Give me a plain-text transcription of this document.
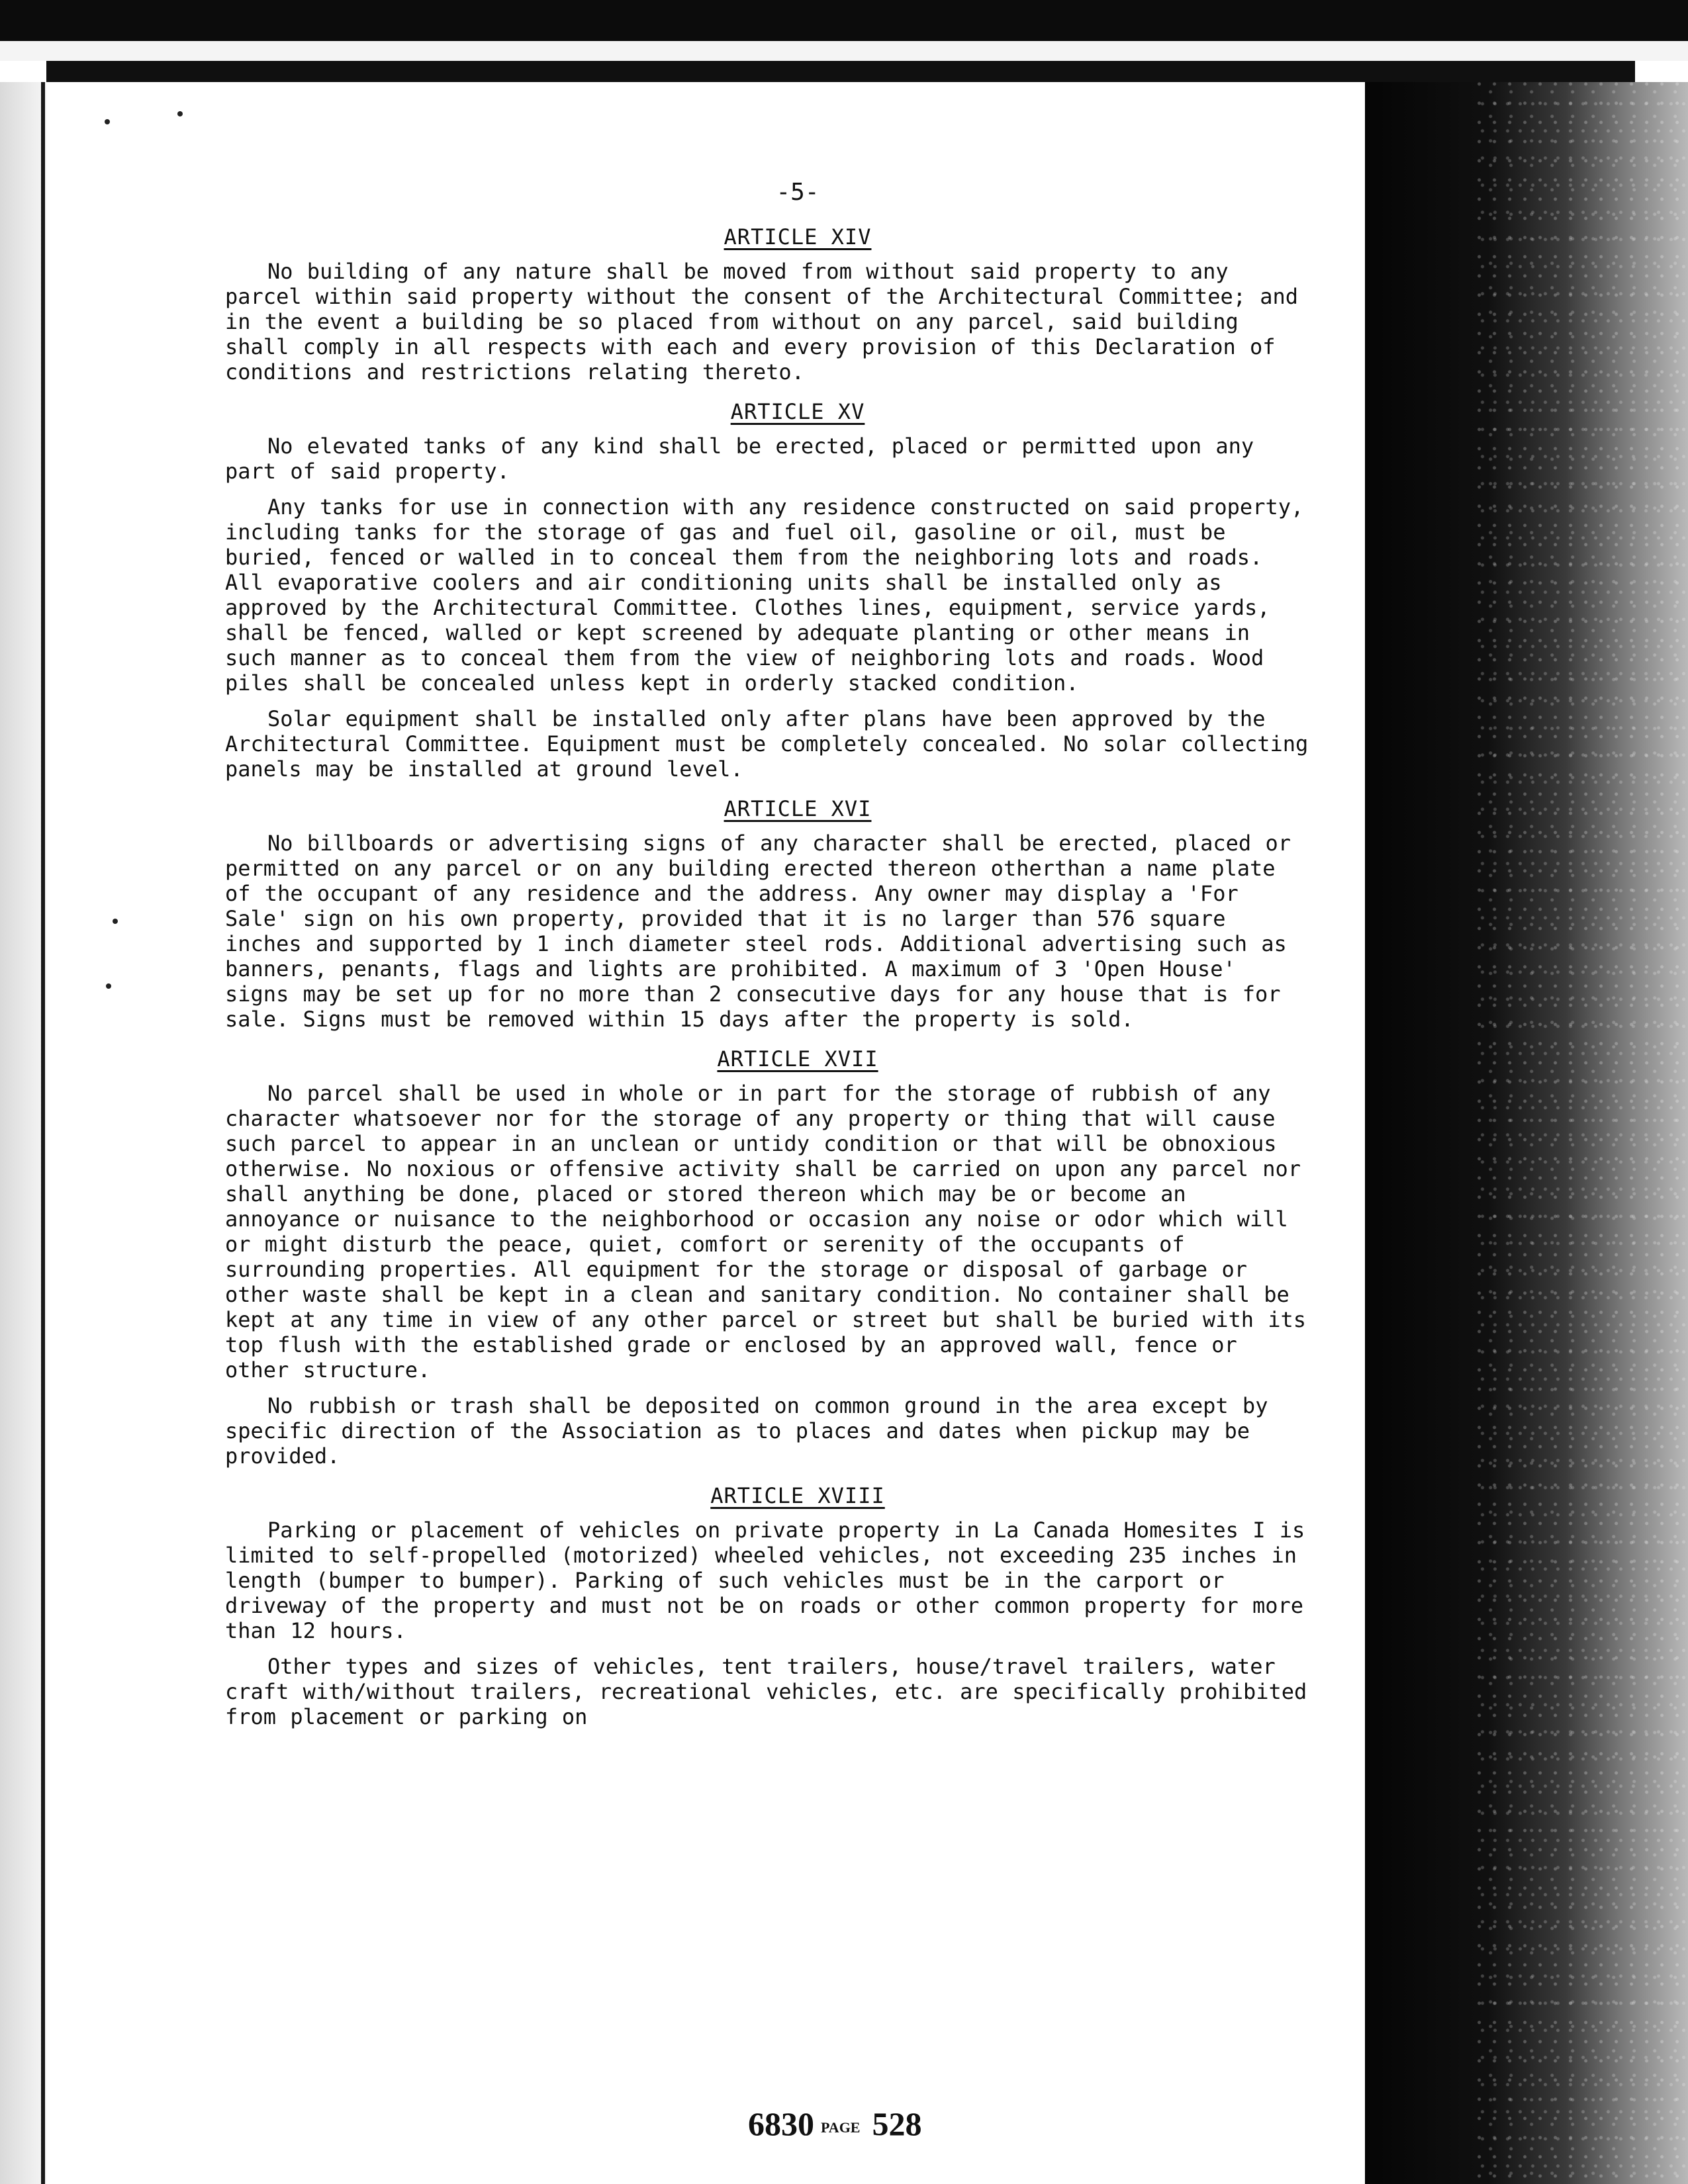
-5-
ARTICLE XIV

No building of any nature shall be moved from without said property to any parcel within said property without the consent of the Architectural Committee; and in the event a building be so placed from without on any parcel, said building shall comply in all respects with each and every provision of this Declaration of conditions and restrictions relating thereto.

ARTICLE XV

No elevated tanks of any kind shall be erected, placed or permitted upon any part of said property.

Any tanks for use in connection with any residence constructed on said property, including tanks for the storage of gas and fuel oil, gasoline or oil, must be buried, fenced or walled in to conceal them from the neighboring lots and roads. All evaporative coolers and air conditioning units shall be installed only as approved by the Architectural Committee. Clothes lines, equipment, service yards, shall be fenced, walled or kept screened by adequate planting or other means in such manner as to conceal them from the view of neighboring lots and roads. Wood piles shall be concealed unless kept in orderly stacked condition.

Solar equipment shall be installed only after plans have been approved by the Architectural Committee. Equipment must be completely concealed. No solar collecting panels may be installed at ground level.

ARTICLE XVI

No billboards or advertising signs of any character shall be erected, placed or permitted on any parcel or on any building erected thereon otherthan a name plate of the occupant of any residence and the address. Any owner may display a 'For Sale' sign on his own property, provided that it is no larger than 576 square inches and supported by 1 inch diameter steel rods. Additional advertising such as banners, penants, flags and lights are prohibited. A maximum of 3 'Open House' signs may be set up for no more than 2 consecutive days for any house that is for sale. Signs must be removed within 15 days after the property is sold.

ARTICLE XVII

No parcel shall be used in whole or in part for the storage of rubbish of any character whatsoever nor for the storage of any property or thing that will cause such parcel to appear in an unclean or untidy condition or that will be obnoxious otherwise. No noxious or offensive activity shall be carried on upon any parcel nor shall anything be done, placed or stored thereon which may be or become an annoyance or nuisance to the neighborhood or occasion any noise or odor which will or might disturb the peace, quiet, comfort or serenity of the occupants of surrounding properties. All equipment for the storage or disposal of garbage or other waste shall be kept in a clean and sanitary condition. No container shall be kept at any time in view of any other parcel or street but shall be buried with its top flush with the established grade or enclosed by an approved wall, fence or other structure.

No rubbish or trash shall be deposited on common ground in the area except by specific direction of the Association as to places and dates when pickup may be provided.

ARTICLE XVIII

Parking or placement of vehicles on private property in La Canada Homesites I is limited to self-propelled (motorized) wheeled vehicles, not exceeding 235 inches in length (bumper to bumper). Parking of such vehicles must be in the carport or driveway of the property and must not be on roads or other common property for more than 12 hours.

Other types and sizes of vehicles, tent trailers, house/travel trailers, water craft with/without trailers, recreational vehicles, etc. are specifically prohibited from placement or parking on

6830 PAGE 528
